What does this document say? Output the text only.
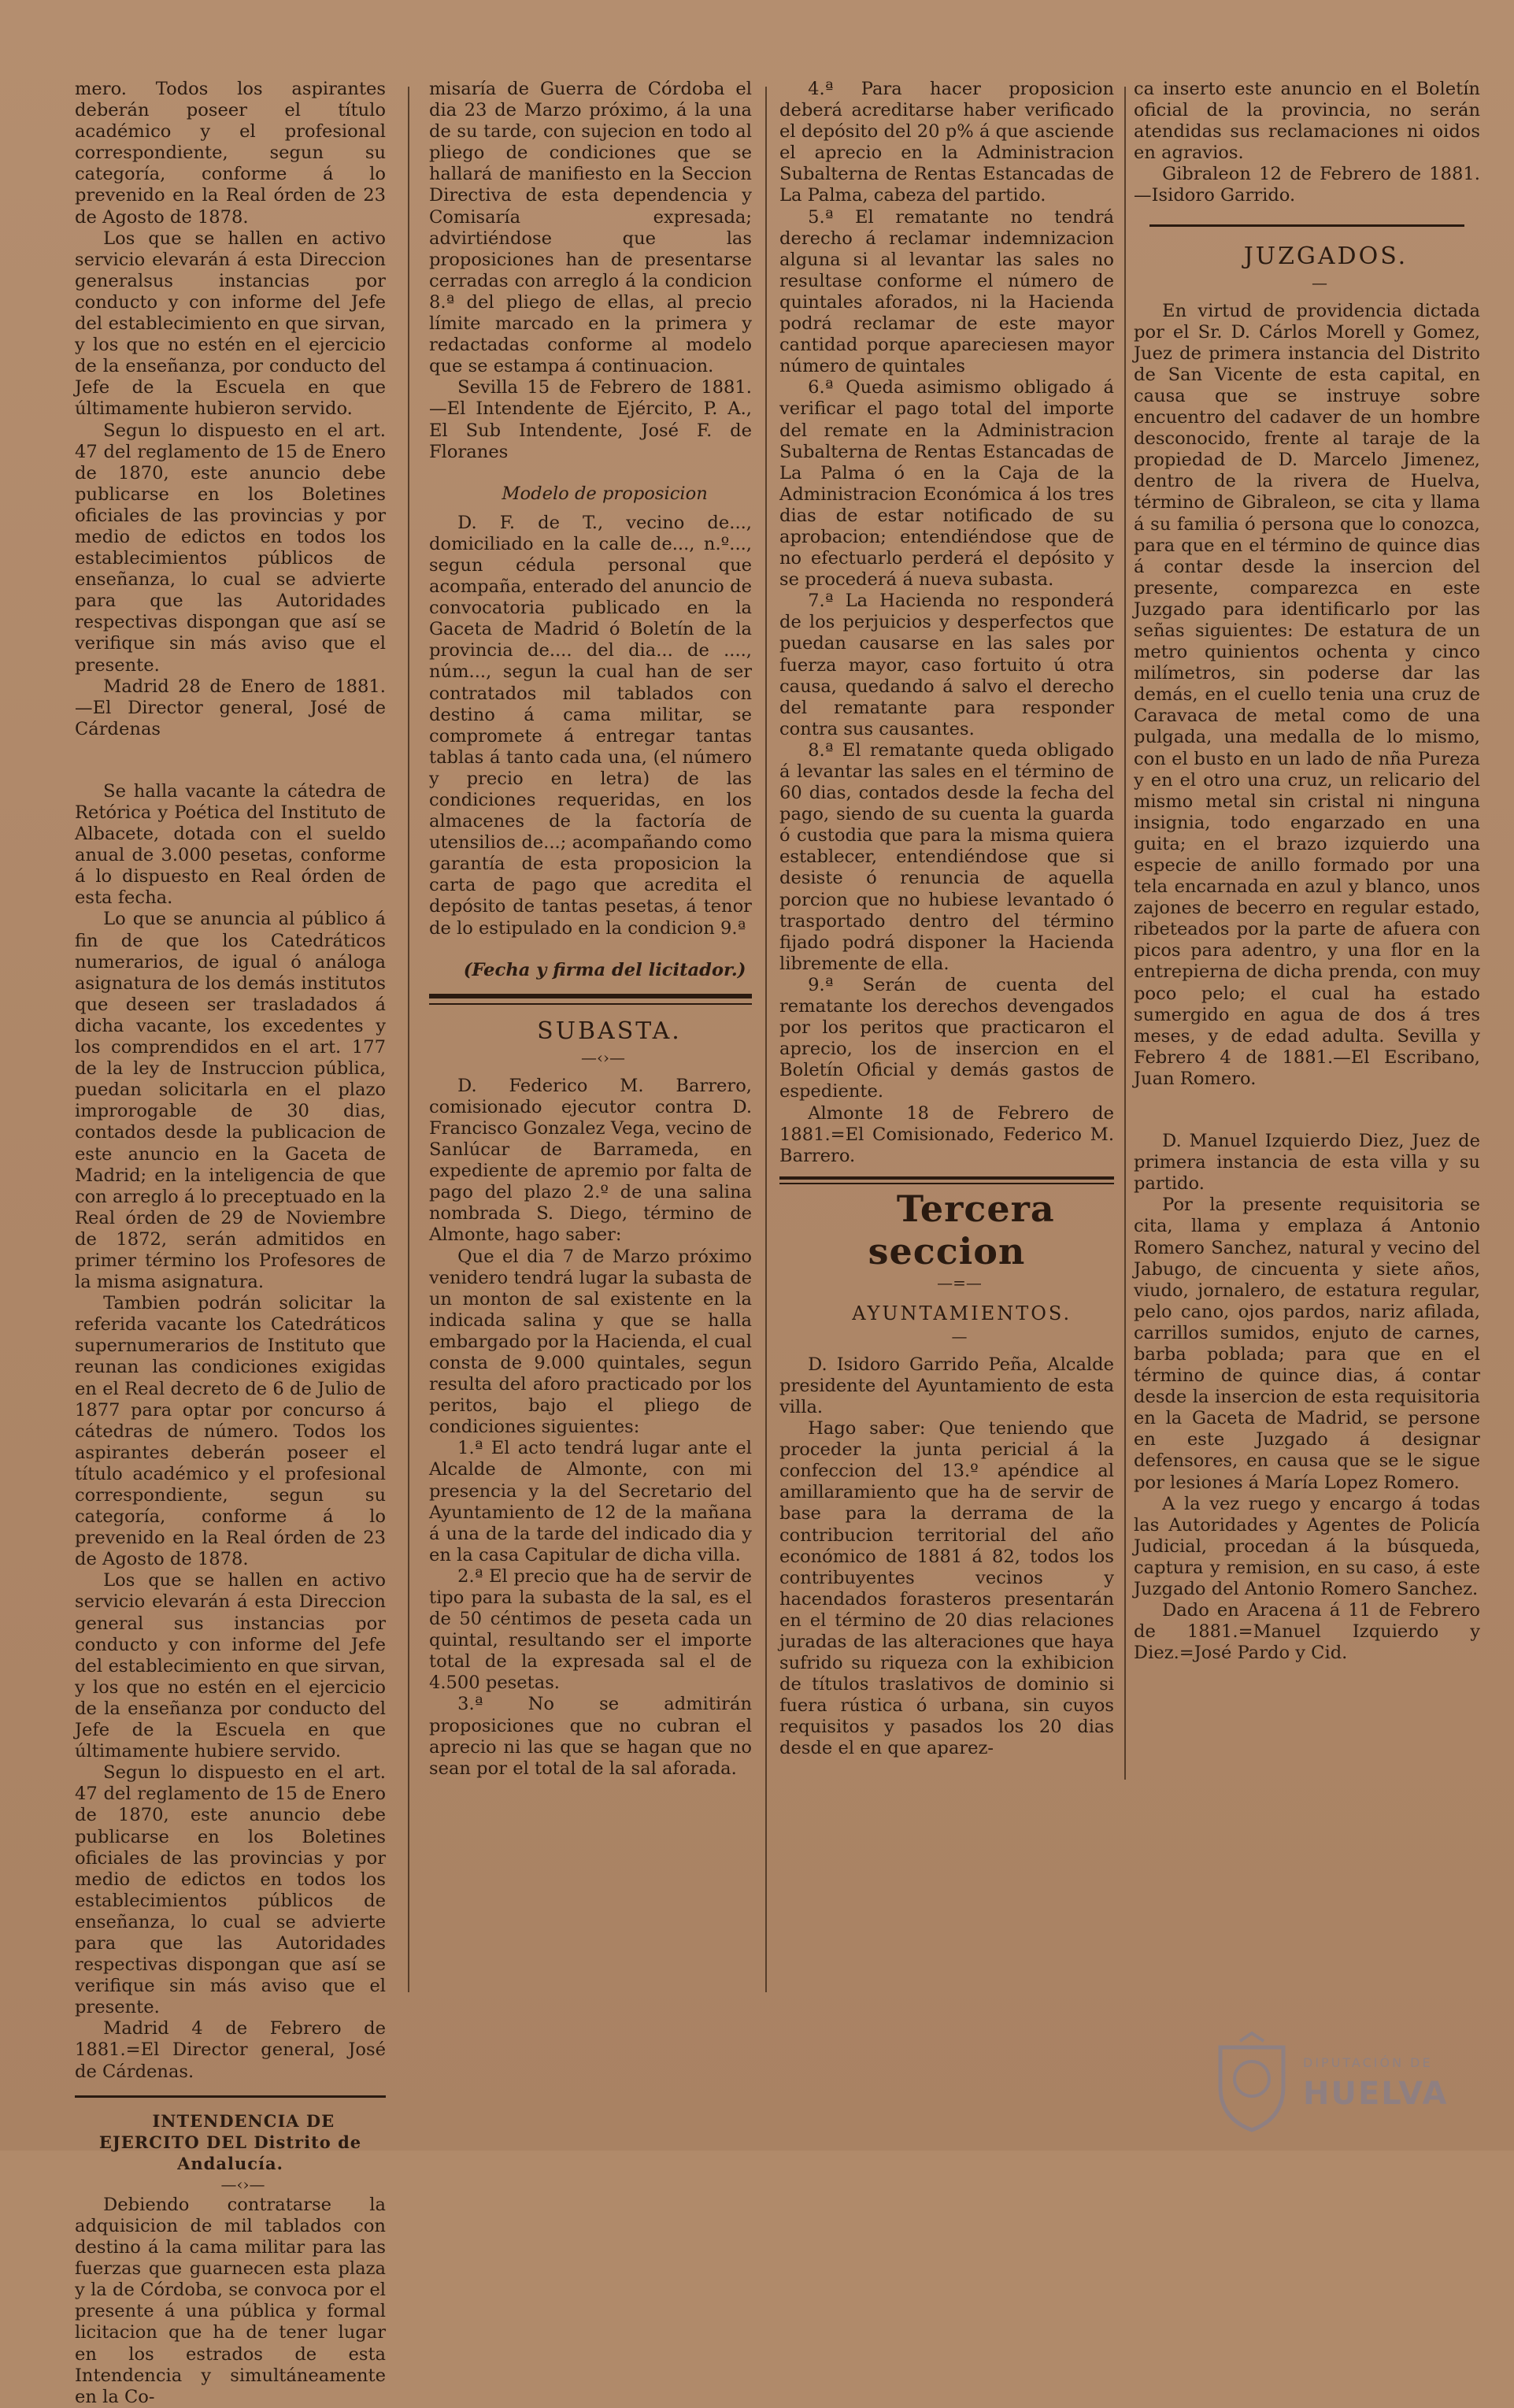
mero. Todos los aspirantes deberán poseer el título académico y el profesional correspondiente, segun su categoría, conforme á lo prevenido en la Real órden de 23 de Agosto de 1878.

Los que se hallen en activo servicio elevarán á esta Direccion generalsus instancias por conducto y con informe del Jefe del establecimiento en que sirvan, y los que no estén en el ejercicio de la enseñanza, por conducto del Jefe de la Escuela en que últimamente hubieron servido.

Segun lo dispuesto en el art. 47 del reglamento de 15 de Enero de 1870, este anuncio debe publicarse en los Boletines oficiales de las provincias y por medio de edictos en todos los establecimientos públicos de enseñanza, lo cual se advierte para que las Autoridades respectivas dispongan que así se verifique sin más aviso que el presente.

Madrid 28 de Enero de 1881.—El Director general, José de Cárdenas

Se halla vacante la cátedra de Retórica y Poética del Instituto de Albacete, dotada con el sueldo anual de 3.000 pesetas, conforme á lo dispuesto en Real órden de esta fecha.

Lo que se anuncia al público á fin de que los Catedráticos numerarios, de igual ó análoga asignatura de los demás institutos que deseen ser trasladados á dicha vacante, los excedentes y los comprendidos en el art. 177 de la ley de Instruccion pública, puedan solicitarla en el plazo improrogable de 30 dias, contados desde la publicacion de este anuncio en la Gaceta de Madrid; en la inteligencia de que con arreglo á lo preceptuado en la Real órden de 29 de Noviembre de 1872, serán admitidos en primer término los Profesores de la misma asignatura.

Tambien podrán solicitar la referida vacante los Catedráticos supernumerarios de Instituto que reunan las condiciones exigidas en el Real decreto de 6 de Julio de 1877 para optar por concurso á cátedras de número. Todos los aspirantes deberán poseer el título académico y el profesional correspondiente, segun su categoría, conforme á lo prevenido en la Real órden de 23 de Agosto de 1878.

Los que se hallen en activo servicio elevarán á esta Direccion general sus instancias por conducto y con informe del Jefe del establecimiento en que sirvan, y los que no estén en el ejercicio de la enseñanza por conducto del Jefe de la Escuela en que últimamente hubiere servido.

Segun lo dispuesto en el art. 47 del reglamento de 15 de Enero de 1870, este anuncio debe publicarse en los Boletines oficiales de las provincias y por medio de edictos en todos los establecimientos públicos de enseñanza, lo cual se advierte para que las Autoridades respectivas dispongan que así se verifique sin más aviso que el presente.

Madrid 4 de Febrero de 1881.=El Director general, José de Cárdenas.

INTENDENCIA DE EJERCITO DEL Distrito de Andalucía.

—‹›—

Debiendo contratarse la adquisicion de mil tablados con destino á la cama militar para las fuerzas que guarnecen esta plaza y la de Córdoba, se convoca por el presente á una pública y formal licitacion que ha de tener lugar en los estrados de esta Intendencia y simultáneamente en la Co-

misaría de Guerra de Córdoba el dia 23 de Marzo próximo, á la una de su tarde, con sujecion en todo al pliego de condiciones que se hallará de manifiesto en la Seccion Directiva de esta dependencia y Comisaría expresada; advirtiéndose que las proposiciones han de presentarse cerradas con arreglo á la condicion 8.ª del pliego de ellas, al precio límite marcado en la primera y redactadas conforme al modelo que se estampa á continuacion.

Sevilla 15 de Febrero de 1881. —El Intendente de Ejército, P. A., El Sub Intendente, José F. de Floranes

Modelo de proposicion

D. F. de T., vecino de..., domiciliado en la calle de..., n.º..., segun cédula personal que acompaña, enterado del anuncio de convocatoria publicado en la Gaceta de Madrid ó Boletín de la provincia de.... del dia... de ...., núm..., segun la cual han de ser contratados mil tablados con destino á cama militar, se compromete á entregar tantas tablas á tanto cada una, (el número y precio en letra) de las condiciones requeridas, en los almacenes de la factoría de utensilios de...; acompañando como garantía de esta proposicion la carta de pago que acredita el depósito de tantas pesetas, á tenor de lo estipulado en la condicion 9.ª

(Fecha y firma del licitador.)

SUBASTA.

—‹›—

D. Federico M. Barrero, comisionado ejecutor contra D. Francisco Gonzalez Vega, vecino de Sanlúcar de Barrameda, en expediente de apremio por falta de pago del plazo 2.º de una salina nombrada S. Diego, término de Almonte, hago saber:

Que el dia 7 de Marzo próximo venidero tendrá lugar la subasta de un monton de sal existente en la indicada salina y que se halla embargado por la Hacienda, el cual consta de 9.000 quintales, segun resulta del aforo practicado por los peritos, bajo el pliego de condiciones siguientes:

1.ª El acto tendrá lugar ante el Alcalde de Almonte, con mi presencia y la del Secretario del Ayuntamiento de 12 de la mañana á una de la tarde del indicado dia y en la casa Capitular de dicha villa.

2.ª El precio que ha de servir de tipo para la subasta de la sal, es el de 50 céntimos de peseta cada un quintal, resultando ser el importe total de la expresada sal el de 4.500 pesetas.

3.ª No se admitirán proposiciones que no cubran el aprecio ni las que se hagan que no sean por el total de la sal aforada.

4.ª Para hacer proposicion deberá acreditarse haber verificado el depósito del 20 p% á que asciende el aprecio en la Administracion Subalterna de Rentas Estancadas de La Palma, cabeza del partido.

5.ª El rematante no tendrá derecho á reclamar indemnizacion alguna si al levantar las sales no resultase conforme el número de quintales aforados, ni la Hacienda podrá reclamar de este mayor cantidad porque apareciesen mayor número de quintales

6.ª Queda asimismo obligado á verificar el pago total del importe del remate en la Administracion Subalterna de Rentas Estancadas de La Palma ó en la Caja de la Administracion Económica á los tres dias de estar notificado de su aprobacion; entendiéndose que de no efectuarlo perderá el depósito y se procederá á nueva subasta.

7.ª La Hacienda no responderá de los perjuicios y desperfectos que puedan causarse en las sales por fuerza mayor, caso fortuito ú otra causa, quedando á salvo el derecho del rematante para responder contra sus causantes.

8.ª El rematante queda obligado á levantar las sales en el término de 60 dias, contados desde la fecha del pago, siendo de su cuenta la guarda ó custodia que para la misma quiera establecer, entendiéndose que si desiste ó renuncia de aquella porcion que no hubiese levantado ó trasportado dentro del término fijado podrá disponer la Hacienda libremente de ella.

9.ª Serán de cuenta del rematante los derechos devengados por los peritos que practicaron el aprecio, los de insercion en el Boletín Oficial y demás gastos de espediente.

Almonte 18 de Febrero de 1881.=El Comisionado, Federico M. Barrero.

Tercera seccion

—=—

AYUNTAMIENTOS.

—

D. Isidoro Garrido Peña, Alcalde presidente del Ayuntamiento de esta villa.

Hago saber: Que teniendo que proceder la junta pericial á la confeccion del 13.º apéndice al amillaramiento que ha de servir de base para la derrama de la contribucion territorial del año económico de 1881 á 82, todos los contribuyentes vecinos y hacendados forasteros presentarán en el término de 20 dias relaciones juradas de las alteraciones que haya sufrido su riqueza con la exhibicion de títulos traslativos de dominio si fuera rústica ó urbana, sin cuyos requisitos y pasados los 20 dias desde el en que aparez-

ca inserto este anuncio en el Boletín oficial de la provincia, no serán atendidas sus reclamaciones ni oidos en agravios.

Gibraleon 12 de Febrero de 1881. —Isidoro Garrido.

JUZGADOS.

—

En virtud de providencia dictada por el Sr. D. Cárlos Morell y Gomez, Juez de primera instancia del Distrito de San Vicente de esta capital, en causa que se instruye sobre encuentro del cadaver de un hombre desconocido, frente al taraje de la propiedad de D. Marcelo Jimenez, dentro de la rivera de Huelva, término de Gibraleon, se cita y llama á su familia ó persona que lo conozca, para que en el término de quince dias á contar desde la insercion del presente, comparezca en este Juzgado para identificarlo por las señas siguientes: De estatura de un metro quinientos ochenta y cinco milímetros, sin poderse dar las demás, en el cuello tenia una cruz de Caravaca de metal como de una pulgada, una medalla de lo mismo, con el busto en un lado de nña Pureza y en el otro una cruz, un relicario del mismo metal sin cristal ni ninguna insignia, todo engarzado en una guita; en el brazo izquierdo una especie de anillo formado por una tela encarnada en azul y blanco, unos zajones de becerro en regular estado, ribeteados por la parte de afuera con picos para adentro, y una flor en la entrepierna de dicha prenda, con muy poco pelo; el cual ha estado sumergido en agua de dos á tres meses, y de edad adulta. Sevilla y Febrero 4 de 1881.—El Escribano, Juan Romero.

D. Manuel Izquierdo Diez, Juez de primera instancia de esta villa y su partido.

Por la presente requisitoria se cita, llama y emplaza á Antonio Romero Sanchez, natural y vecino del Jabugo, de cincuenta y siete años, viudo, jornalero, de estatura regular, pelo cano, ojos pardos, nariz afilada, carrillos sumidos, enjuto de carnes, barba poblada; para que en el término de quince dias, á contar desde la insercion de esta requisitoria en la Gaceta de Madrid, se persone en este Juzgado á designar defensores, en causa que se le sigue por lesiones á María Lopez Romero.

A la vez ruego y encargo á todas las Autoridades y Agentes de Policía Judicial, procedan á la búsqueda, captura y remision, en su caso, á este Juzgado del Antonio Romero Sanchez.

Dado en Aracena á 11 de Febrero de 1881.=Manuel Izquierdo y Diez.=José Pardo y Cid.

DIPUTACIÓN DE
HUELVA
